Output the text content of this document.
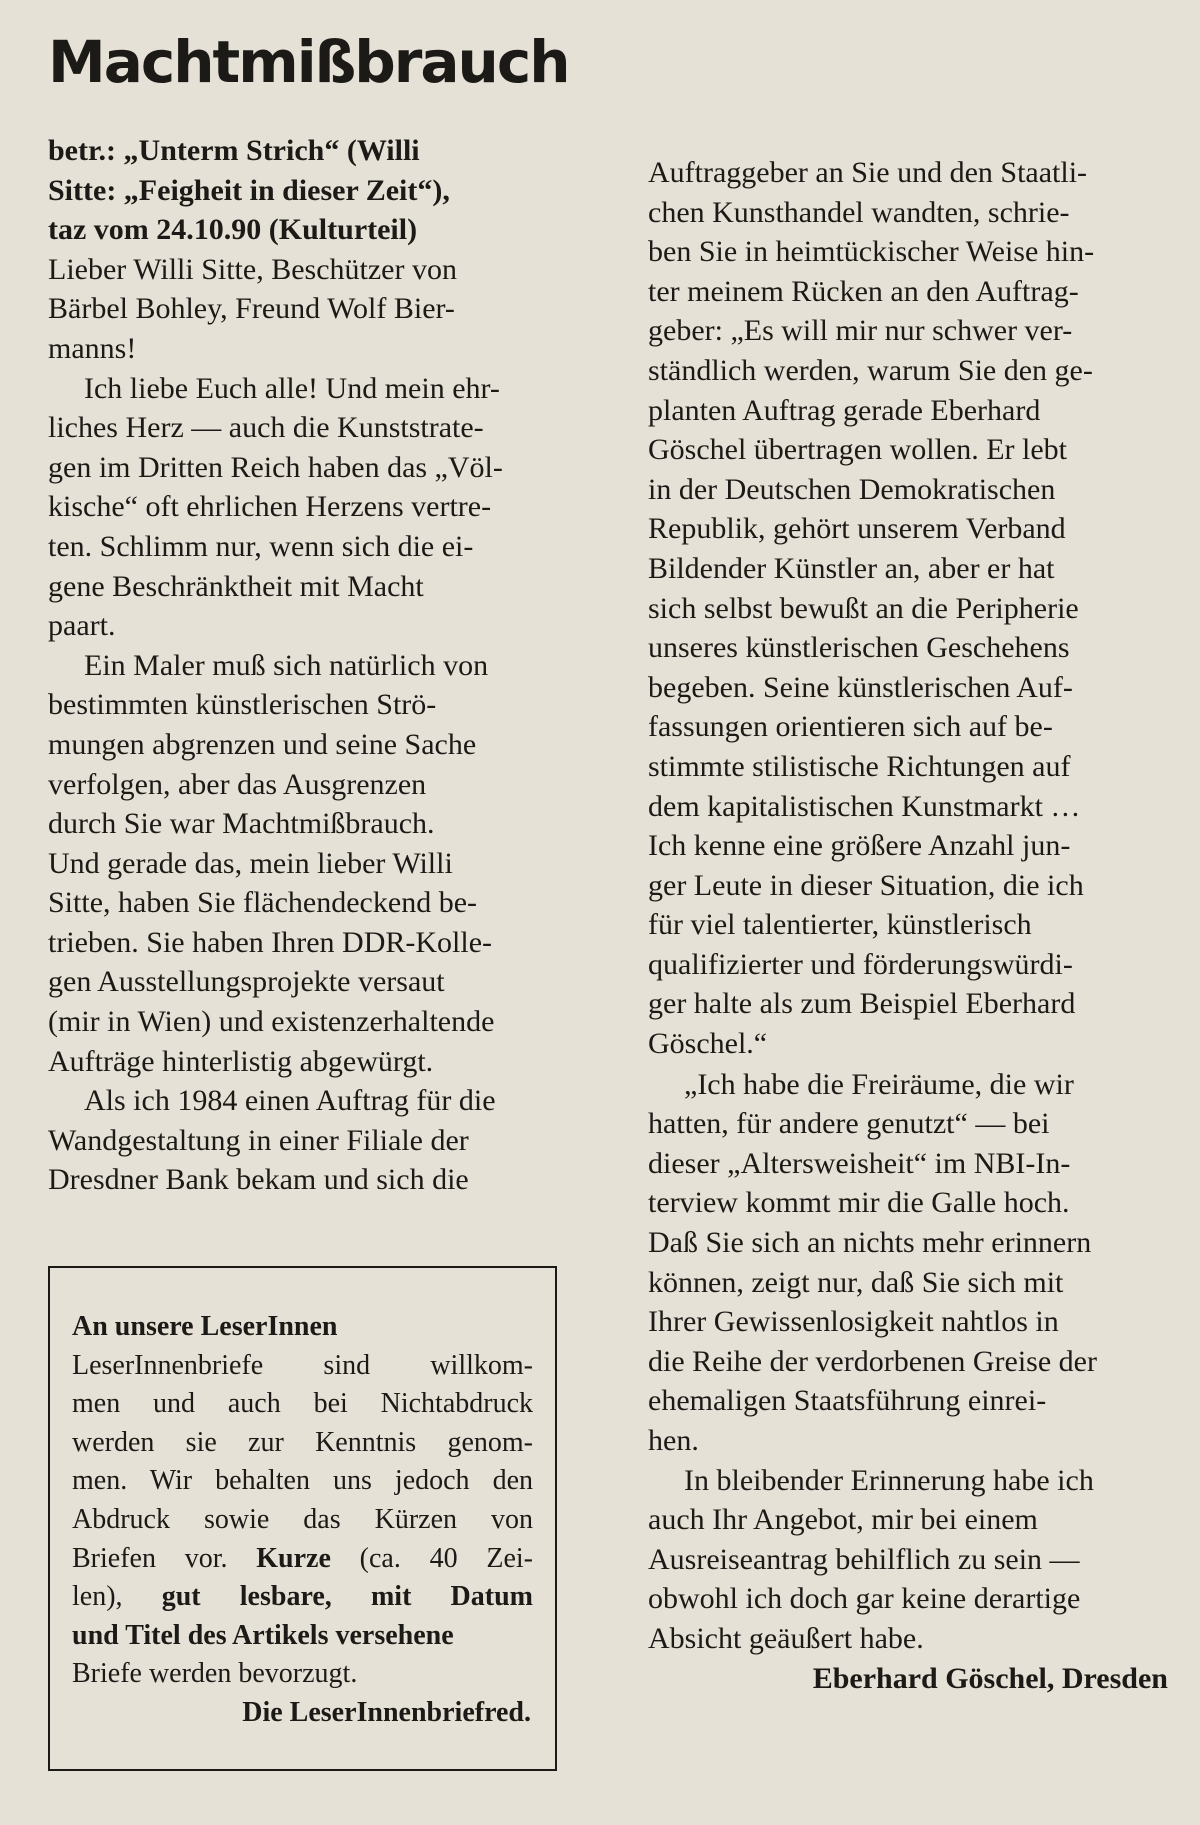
Machtmißbrauch
betr.: „Unterm Strich“ (Willi
Sitte: „Feigheit in dieser Zeit“),
taz vom 24.10.90 (Kulturteil)
Lieber Willi Sitte, Beschützer von
Bärbel Bohley, Freund Wolf Bier-
manns!
Ich liebe Euch alle! Und mein ehr-
liches Herz — auch die Kunststrate-
gen im Dritten Reich haben das „Völ-
kische“ oft ehrlichen Herzens vertre-
ten. Schlimm nur, wenn sich die ei-
gene Beschränktheit mit Macht
paart.
Ein Maler muß sich natürlich von
bestimmten künstlerischen Strö-
mungen abgrenzen und seine Sache
verfolgen, aber das Ausgrenzen
durch Sie war Machtmißbrauch.
Und gerade das, mein lieber Willi
Sitte, haben Sie flächendeckend be-
trieben. Sie haben Ihren DDR-Kolle-
gen Ausstellungsprojekte versaut
(mir in Wien) und existenzerhaltende
Aufträge hinterlistig abgewürgt.
Als ich 1984 einen Auftrag für die
Wandgestaltung in einer Filiale der
Dresdner Bank bekam und sich die
An unsere LeserInnen
LeserInnenbriefe sind willkom-
men und auch bei Nichtabdruck
werden sie zur Kenntnis genom-
men. Wir behalten uns jedoch den
Abdruck sowie das Kürzen von
Briefen vor. Kurze (ca. 40 Zei-
len), gut lesbare, mit Datum
und Titel des Artikels versehene
Briefe werden bevorzugt.
Die LeserInnenbriefred.
Auftraggeber an Sie und den Staatli-
chen Kunsthandel wandten, schrie-
ben Sie in heimtückischer Weise hin-
ter meinem Rücken an den Auftrag-
geber: „Es will mir nur schwer ver-
ständlich werden, warum Sie den ge-
planten Auftrag gerade Eberhard
Göschel übertragen wollen. Er lebt
in der Deutschen Demokratischen
Republik, gehört unserem Verband
Bildender Künstler an, aber er hat
sich selbst bewußt an die Peripherie
unseres künstlerischen Geschehens
begeben. Seine künstlerischen Auf-
fassungen orientieren sich auf be-
stimmte stilistische Richtungen auf
dem kapitalistischen Kunstmarkt …
Ich kenne eine größere Anzahl jun-
ger Leute in dieser Situation, die ich
für viel talentierter, künstlerisch
qualifizierter und förderungswürdi-
ger halte als zum Beispiel Eberhard
Göschel.“
„Ich habe die Freiräume, die wir
hatten, für andere genutzt“ — bei
dieser „Altersweisheit“ im NBI-In-
terview kommt mir die Galle hoch.
Daß Sie sich an nichts mehr erinnern
können, zeigt nur, daß Sie sich mit
Ihrer Gewissenlosigkeit nahtlos in
die Reihe der verdorbenen Greise der
ehemaligen Staatsführung einrei-
hen.
In bleibender Erinnerung habe ich
auch Ihr Angebot, mir bei einem
Ausreiseantrag behilflich zu sein —
obwohl ich doch gar keine derartige
Absicht geäußert habe.
Eberhard Göschel, Dresden
